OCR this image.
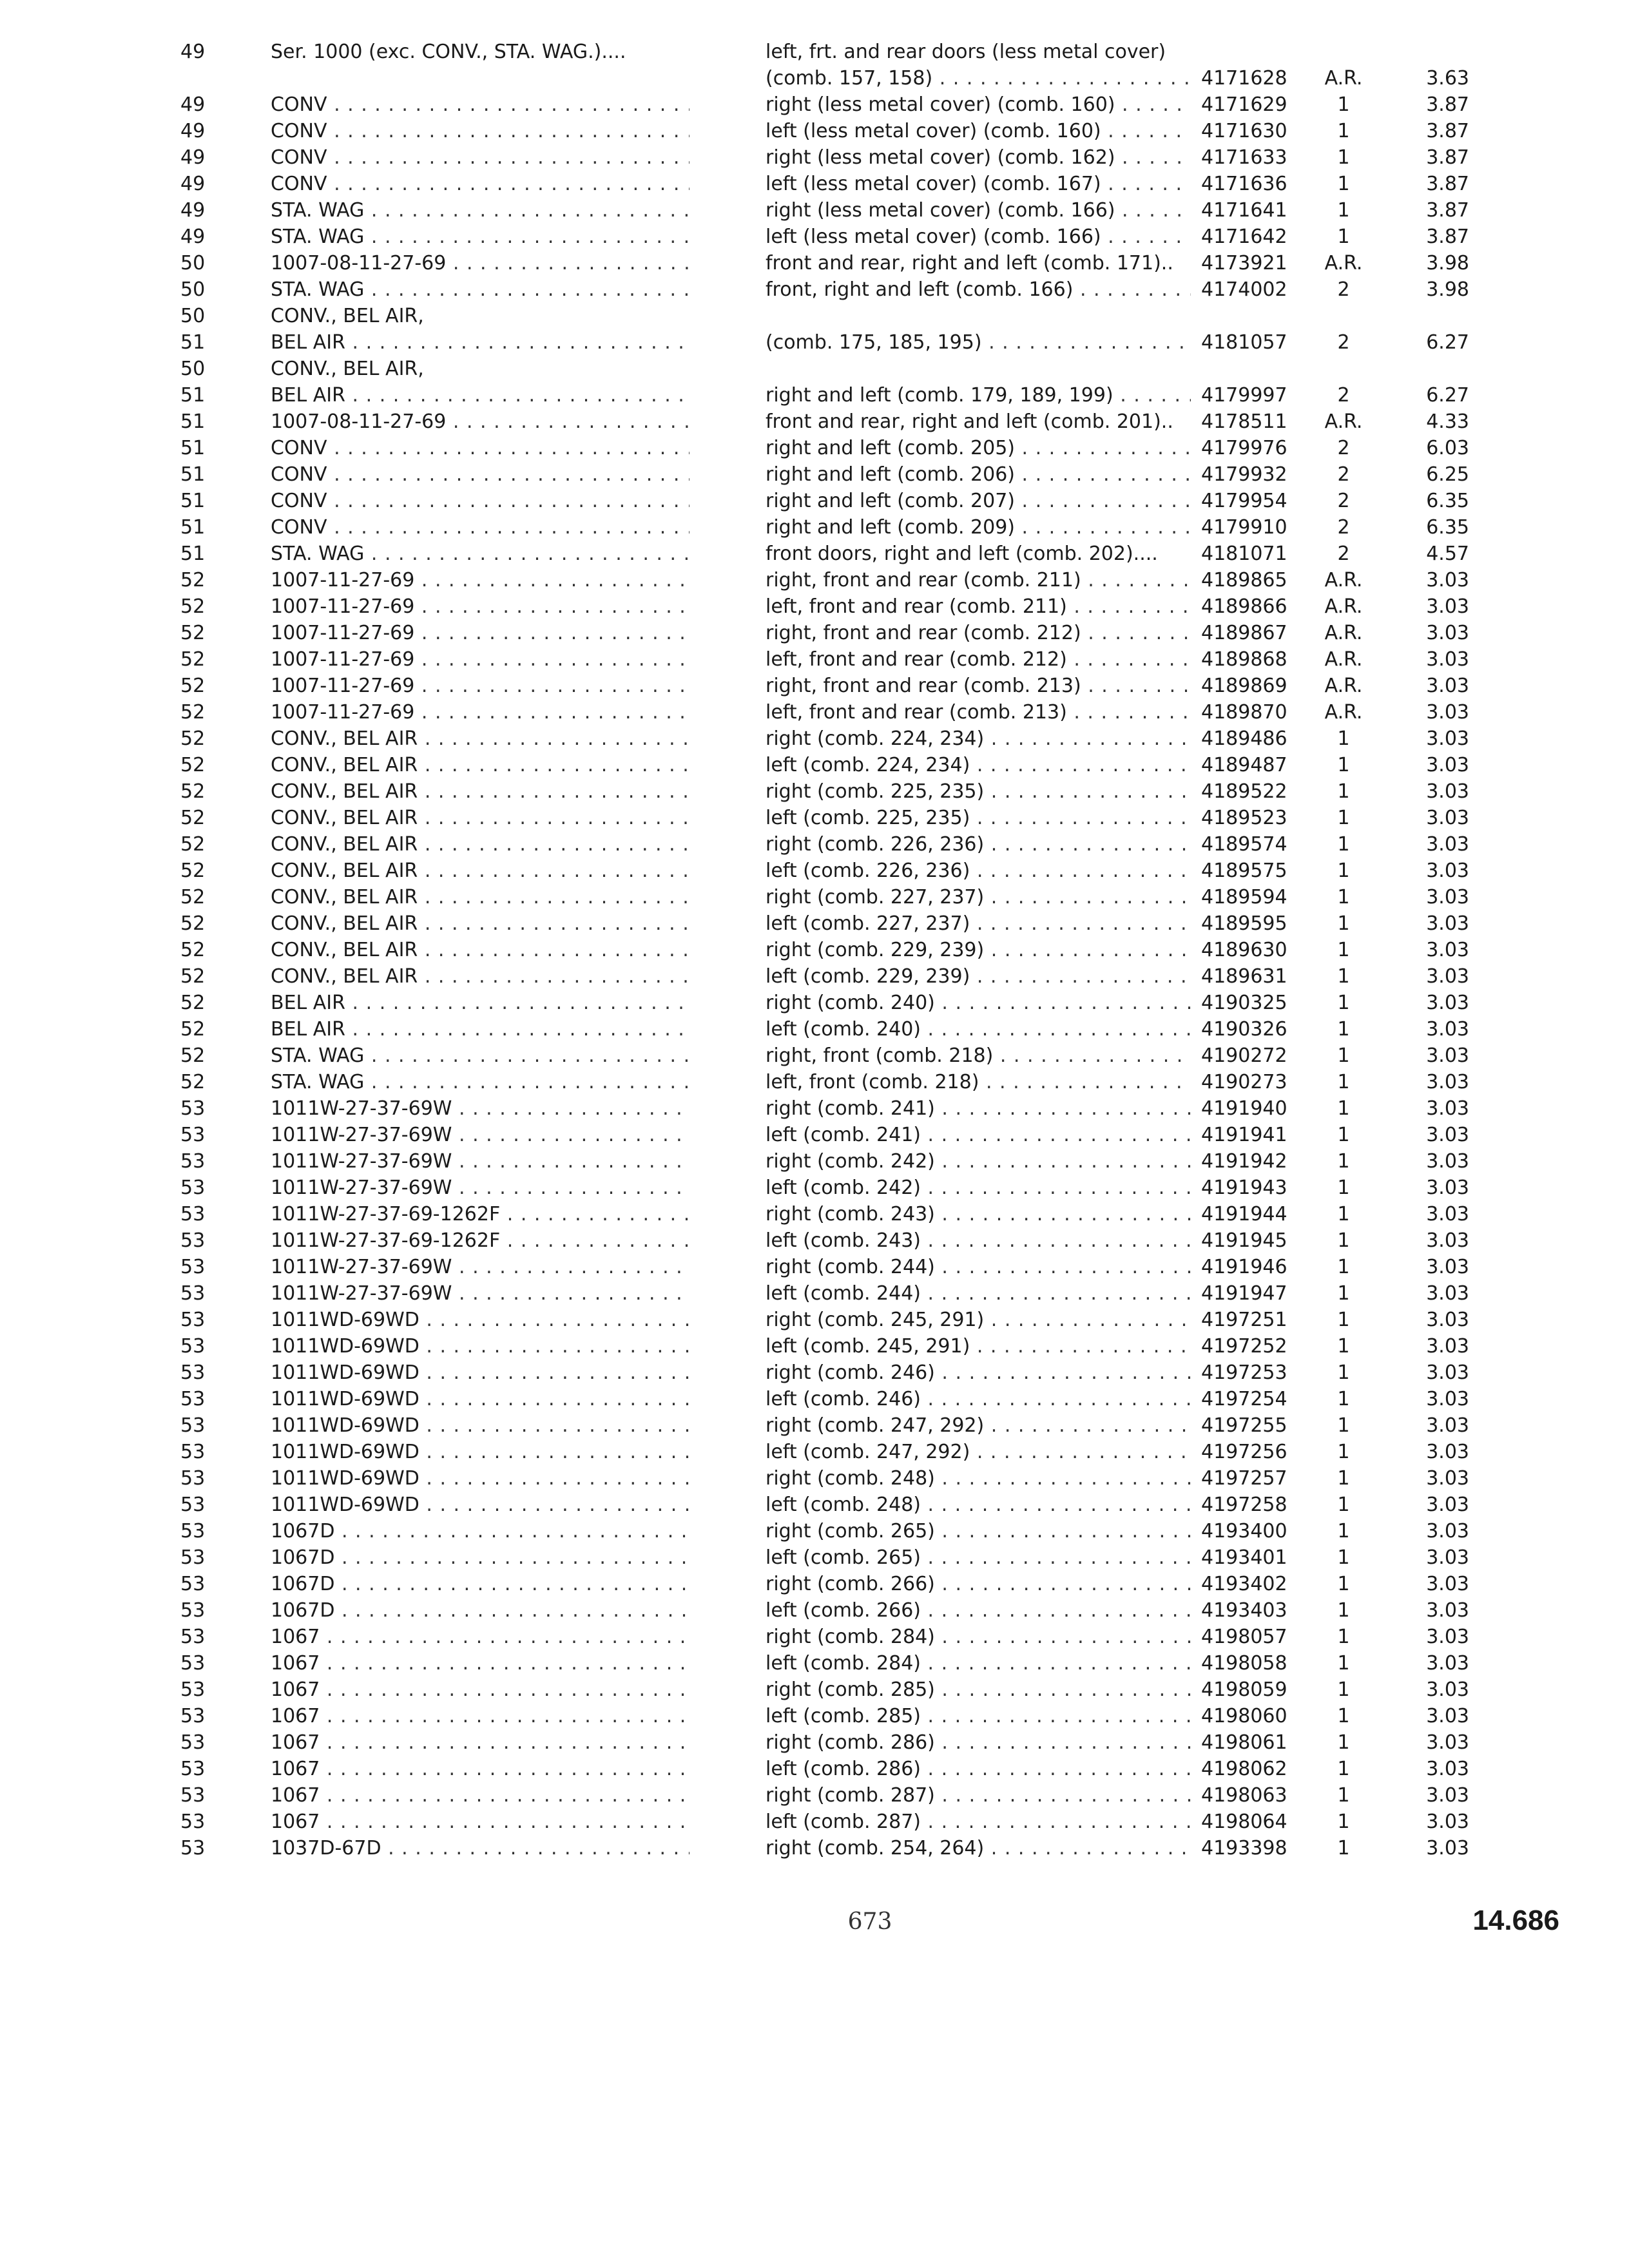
49	Ser. 1000 (exc. CONV., STA. WAG.)....	left, frt. and rear doors (less metal cover)
(comb. 157, 158) . . .	4171628	A.R.	3.63
49	CONV . . .	right (less metal cover) (comb. 160) . . .	4171629	1	3.87
49	CONV . . .	left (less metal cover) (comb. 160) . . .	4171630	1	3.87
49	CONV . . .	right (less metal cover) (comb. 162) . . .	4171633	1	3.87
49	CONV . . .	left (less metal cover) (comb. 167) . . .	4171636	1	3.87
49	STA. WAG . . .	right (less metal cover) (comb. 166) . . .	4171641	1	3.87
49	STA. WAG . . .	left (less metal cover) (comb. 166) . . .	4171642	1	3.87
50	1007-08-11-27-69 . . .	front and rear, right and left (comb. 171)..	4173921	A.R.	3.98
50	STA. WAG . . .	front, right and left (comb. 166) . . .	4174002	2	3.98
50	CONV., BEL AIR,
51	BEL AIR . . .	(comb. 175, 185, 195) . . .	4181057	2	6.27
50	CONV., BEL AIR,
51	BEL AIR . . .	right and left (comb. 179, 189, 199) . . .	4179997	2	6.27
51	1007-08-11-27-69 . . .	front and rear, right and left (comb. 201)..	4178511	A.R.	4.33
51	CONV . . .	right and left (comb. 205) . . .	4179976	2	6.03
51	CONV . . .	right and left (comb. 206) . . .	4179932	2	6.25
51	CONV . . .	right and left (comb. 207) . . .	4179954	2	6.35
51	CONV . . .	right and left (comb. 209) . . .	4179910	2	6.35
51	STA. WAG . . .	front doors, right and left (comb. 202)....	4181071	2	4.57
52	1007-11-27-69 . . .	right, front and rear (comb. 211) . . .	4189865	A.R.	3.03
52	1007-11-27-69 . . .	left, front and rear (comb. 211) . . .	4189866	A.R.	3.03
52	1007-11-27-69 . . .	right, front and rear (comb. 212) . . .	4189867	A.R.	3.03
52	1007-11-27-69 . . .	left, front and rear (comb. 212) . . .	4189868	A.R.	3.03
52	1007-11-27-69 . . .	right, front and rear (comb. 213) . . .	4189869	A.R.	3.03
52	1007-11-27-69 . . .	left, front and rear (comb. 213) . . .	4189870	A.R.	3.03
52	CONV., BEL AIR . . .	right (comb. 224, 234) . . .	4189486	1	3.03
52	CONV., BEL AIR . . .	left (comb. 224, 234) . . .	4189487	1	3.03
52	CONV., BEL AIR . . .	right (comb. 225, 235) . . .	4189522	1	3.03
52	CONV., BEL AIR . . .	left (comb. 225, 235) . . .	4189523	1	3.03
52	CONV., BEL AIR . . .	right (comb. 226, 236) . . .	4189574	1	3.03
52	CONV., BEL AIR . . .	left (comb. 226, 236) . . .	4189575	1	3.03
52	CONV., BEL AIR . . .	right (comb. 227, 237) . . .	4189594	1	3.03
52	CONV., BEL AIR . . .	left (comb. 227, 237) . . .	4189595	1	3.03
52	CONV., BEL AIR . . .	right (comb. 229, 239) . . .	4189630	1	3.03
52	CONV., BEL AIR . . .	left (comb. 229, 239) . . .	4189631	1	3.03
52	BEL AIR . . .	right (comb. 240) . . .	4190325	1	3.03
52	BEL AIR . . .	left (comb. 240) . . .	4190326	1	3.03
52	STA. WAG . . .	right, front (comb. 218) . . .	4190272	1	3.03
52	STA. WAG . . .	left, front (comb. 218) . . .	4190273	1	3.03
53	1011W-27-37-69W . . .	right (comb. 241) . . .	4191940	1	3.03
53	1011W-27-37-69W . . .	left (comb. 241) . . .	4191941	1	3.03
53	1011W-27-37-69W . . .	right (comb. 242) . . .	4191942	1	3.03
53	1011W-27-37-69W . . .	left (comb. 242) . . .	4191943	1	3.03
53	1011W-27-37-69-1262F . . .	right (comb. 243) . . .	4191944	1	3.03
53	1011W-27-37-69-1262F . . .	left (comb. 243) . . .	4191945	1	3.03
53	1011W-27-37-69W . . .	right (comb. 244) . . .	4191946	1	3.03
53	1011W-27-37-69W . . .	left (comb. 244) . . .	4191947	1	3.03
53	1011WD-69WD . . .	right (comb. 245, 291) . . .	4197251	1	3.03
53	1011WD-69WD . . .	left (comb. 245, 291) . . .	4197252	1	3.03
53	1011WD-69WD . . .	right (comb. 246) . . .	4197253	1	3.03
53	1011WD-69WD . . .	left (comb. 246) . . .	4197254	1	3.03
53	1011WD-69WD . . .	right (comb. 247, 292) . . .	4197255	1	3.03
53	1011WD-69WD . . .	left (comb. 247, 292) . . .	4197256	1	3.03
53	1011WD-69WD . . .	right (comb. 248) . . .	4197257	1	3.03
53	1011WD-69WD . . .	left (comb. 248) . . .	4197258	1	3.03
53	1067D . . .	right (comb. 265) . . .	4193400	1	3.03
53	1067D . . .	left (comb. 265) . . .	4193401	1	3.03
53	1067D . . .	right (comb. 266) . . .	4193402	1	3.03
53	1067D . . .	left (comb. 266) . . .	4193403	1	3.03
53	1067 . . .	right (comb. 284) . . .	4198057	1	3.03
53	1067 . . .	left (comb. 284) . . .	4198058	1	3.03
53	1067 . . .	right (comb. 285) . . .	4198059	1	3.03
53	1067 . . .	left (comb. 285) . . .	4198060	1	3.03
53	1067 . . .	right (comb. 286) . . .	4198061	1	3.03
53	1067 . . .	left (comb. 286) . . .	4198062	1	3.03
53	1067 . . .	right (comb. 287) . . .	4198063	1	3.03
53	1067 . . .	left (comb. 287) . . .	4198064	1	3.03
53	1037D-67D . . .	right (comb. 254, 264) . . .	4193398	1	3.03
673	14.686
